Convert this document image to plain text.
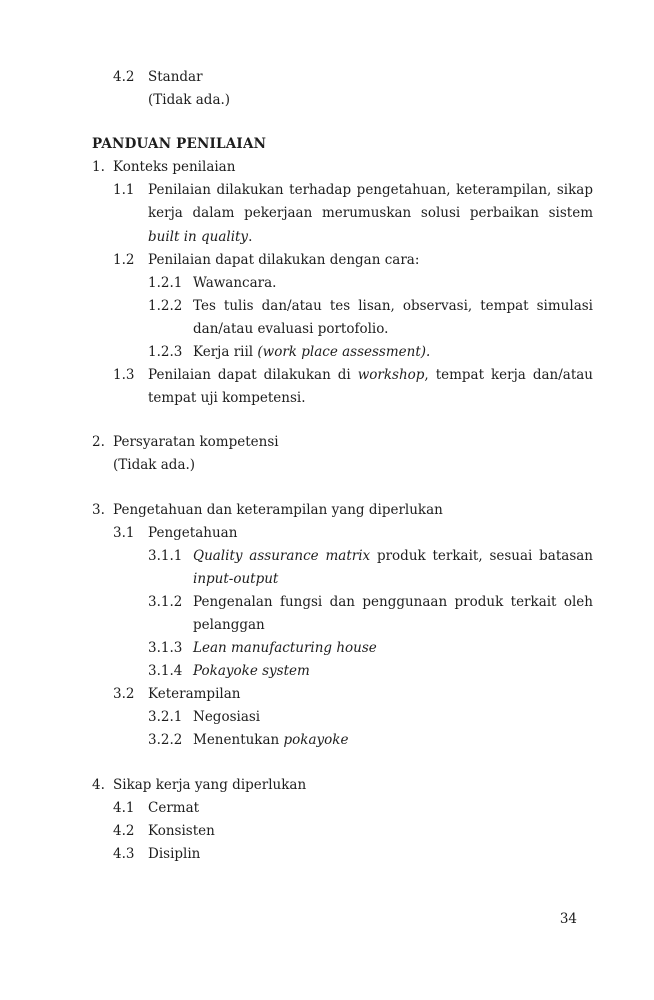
4.2	Standar
(Tidak ada.)
PANDUAN PENILAIAN
1. Konteks penilaian
1.1	Penilaian dilakukan terhadap pengetahuan, keterampilan, sikap kerja dalam pekerjaan merumuskan solusi perbaikan sistem built in quality.
1.2	Penilaian dapat dilakukan dengan cara:
1.2.1 Wawancara.
1.2.2 Tes tulis dan/atau tes lisan, observasi, tempat simulasi dan/atau evaluasi portofolio.
1.2.3 Kerja riil (work place assessment).
1.3	Penilaian dapat dilakukan di workshop, tempat kerja dan/atau tempat uji kompetensi.
2. Persyaratan kompetensi
(Tidak ada.)
3. Pengetahuan dan keterampilan yang diperlukan
3.1	Pengetahuan
3.1.1 Quality assurance matrix produk terkait, sesuai batasan input-output
3.1.2 Pengenalan fungsi dan penggunaan produk terkait oleh pelanggan
3.1.3 Lean manufacturing house
3.1.4 Pokayoke system
3.2	Keterampilan
3.2.1 Negosiasi
3.2.2 Menentukan pokayoke
4. Sikap kerja yang diperlukan
4.1	Cermat
4.2	Konsisten
4.3	Disiplin
34
